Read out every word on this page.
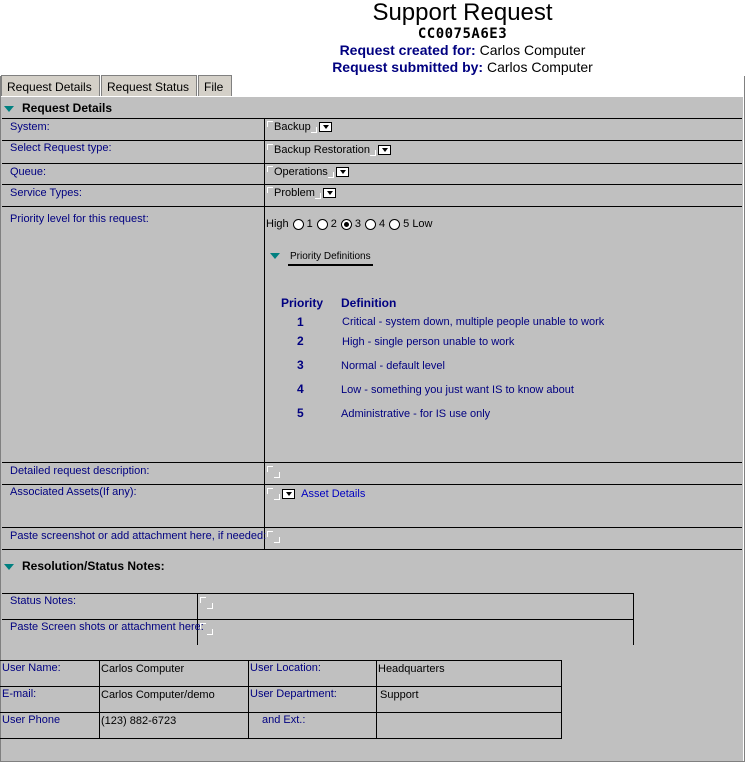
Support Request
CC0075A6E3
Request created for: Carlos Computer
Request submitted by: Carlos Computer
Request Details	Request Status	File
Request Details
System:	Backup
Select Request type:	Backup Restoration
Queue:	Operations
Service Types:	Problem
Priority level for this request:	High 1 2 3 4 5 Low
Priority Definitions
Priority Definition
1	Critical - system down, multiple people unable to work
2	High - single person unable to work
3	Normal - default level
4	Low - something you just want IS to know about
5	Administrative - for IS use only
Detailed request description:
Associated Assets(If any):	Asset Details
Paste screenshot or add attachment here, if needed:
Resolution/Status Notes:
Status Notes:
Paste Screen shots or attachment here:
User Name:	Carlos Computer	User Location:	Headquarters
E-mail:	Carlos Computer/demo	User Department:	Support
User Phone	(123) 882-6723	and Ext.:
